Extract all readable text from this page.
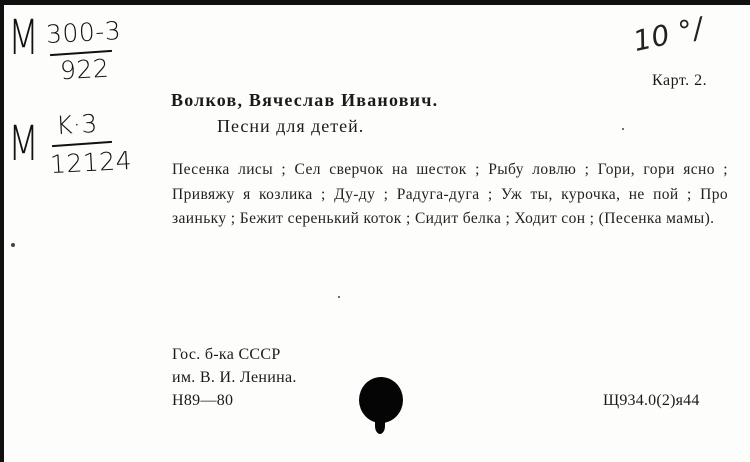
M 300-3
922
M K·3
12124
10 °/
Карт. 2.
Волков, Вячеслав Иванович.
Песни для детей.
Песенка лисы ; Сел сверчок на шесток ; Рыбу ловлю ; Гори, гори ясно ; Привяжу я козлика ; Ду-ду ; Радуга-дуга ; Уж ты, курочка, не пой ; Про заиньку ; Бежит серенький коток ; Сидит белка ; Ходит сон ; (Песенка мамы).
Гос. б-ка СССР
им. В. И. Ленина.
Н89—80	Щ934.0(2)я44
